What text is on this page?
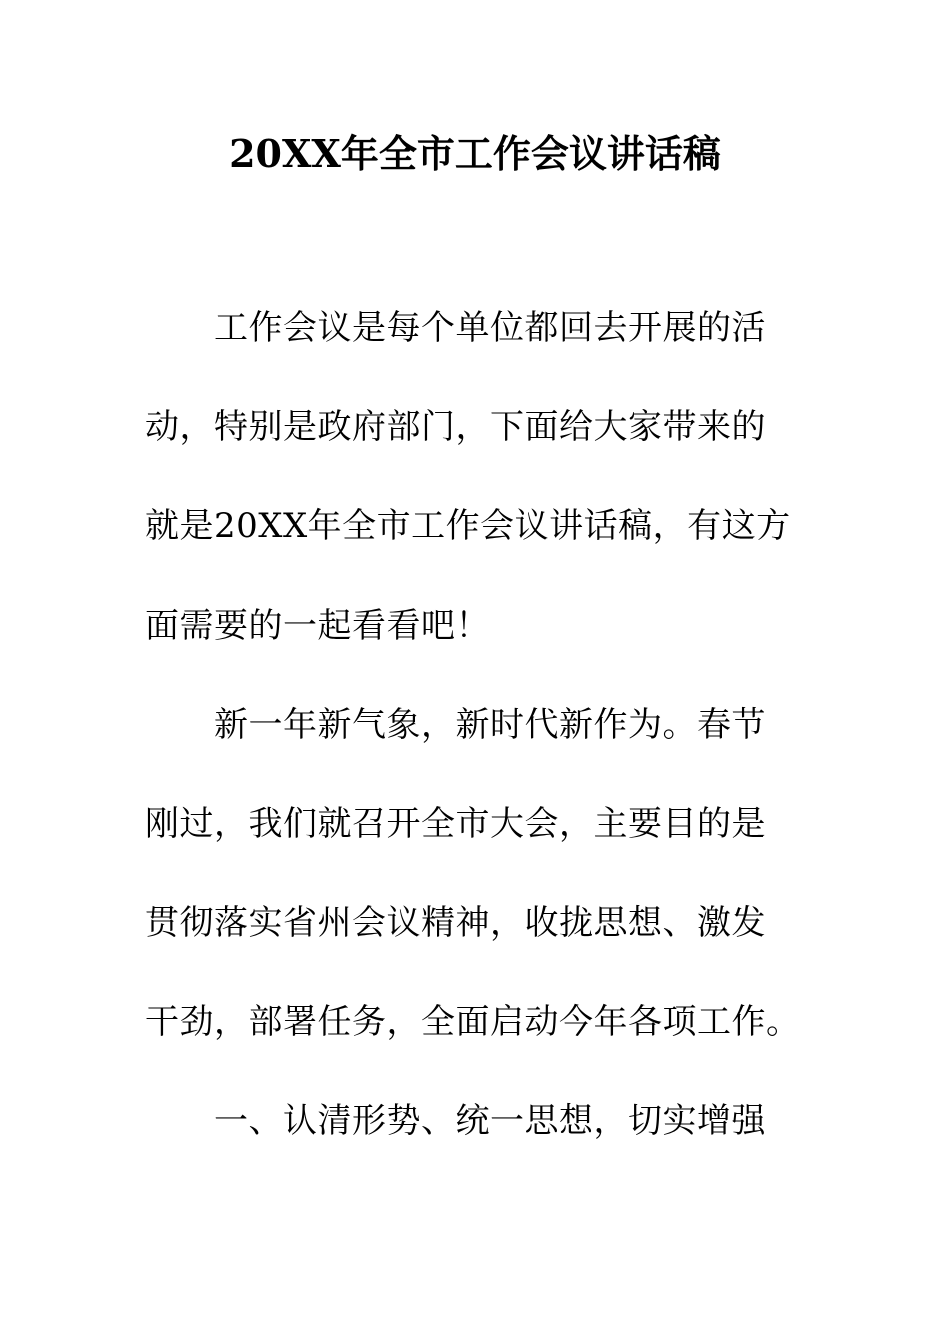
20XX年全市工作会议讲话稿
工作会议是每个单位都回去开展的活
动，特别是政府部门，下面给大家带来的
就是20XX年全市工作会议讲话稿，有这方
面需要的一起看看吧！
新一年新气象，新时代新作为。春节
刚过，我们就召开全市大会，主要目的是
贯彻落实省州会议精神，收拢思想、激发
干劲，部署任务，全面启动今年各项工作。
一、认清形势、统一思想，切实增强
